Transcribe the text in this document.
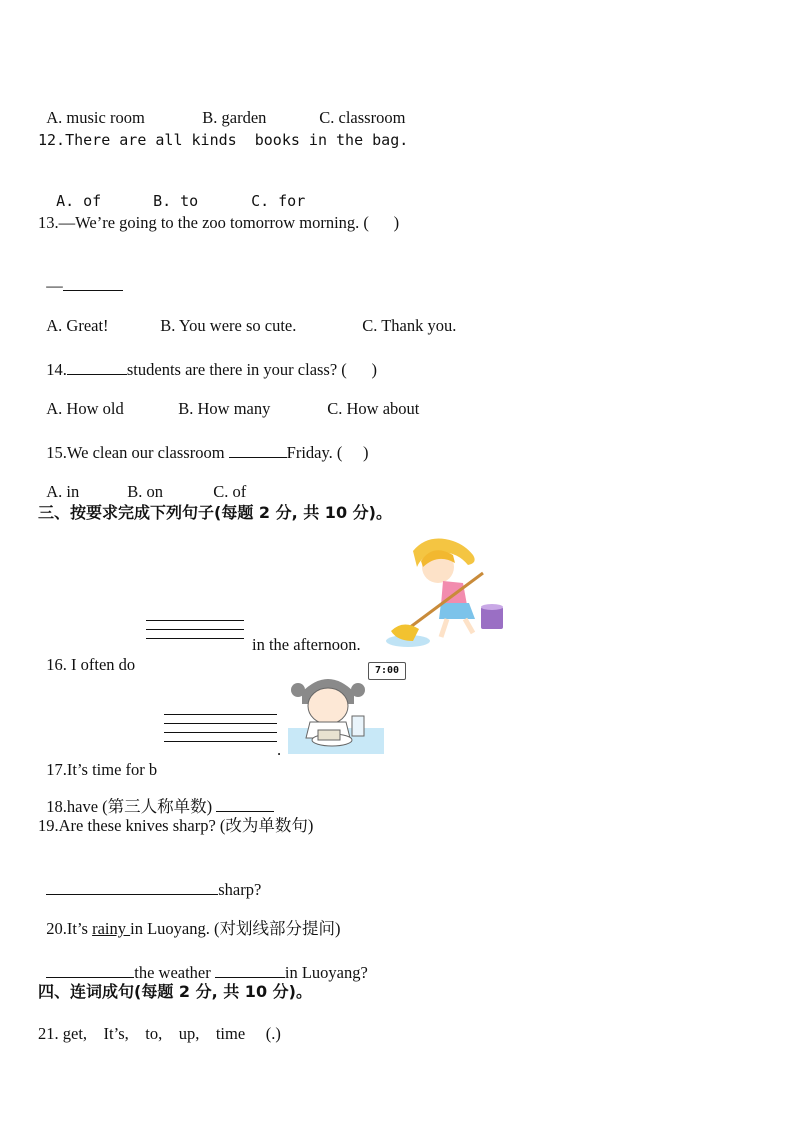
A. music room	B. garden	C. classroom

12.There are all kinds  books in the bag.

A. of	B. to	C. for

13.—We’re going to the zoo tomorrow morning. (      )

—

A. Great!	B. You were so cute.	C. Thank you.

14.	students are there in your class? (      )

A. How old	B. How many	C. How about

15.We clean our classroom	Friday. (     )

A. in	B. on	C. of

三、按要求完成下列句子(每题 2 分, 共 10 分)。

16. I often do

in the afternoon.
7:00

17.It’s time for b

.

18.have (第三人称单数)

19.Are these knives sharp? (改为单数句)

sharp?

20.It’s rainy in Luoyang. (对划线部分提问)

the weather	in Luoyang?

四、连词成句(每题 2 分, 共 10 分)。
21. get,    It’s,    to,    up,    time     (.)
